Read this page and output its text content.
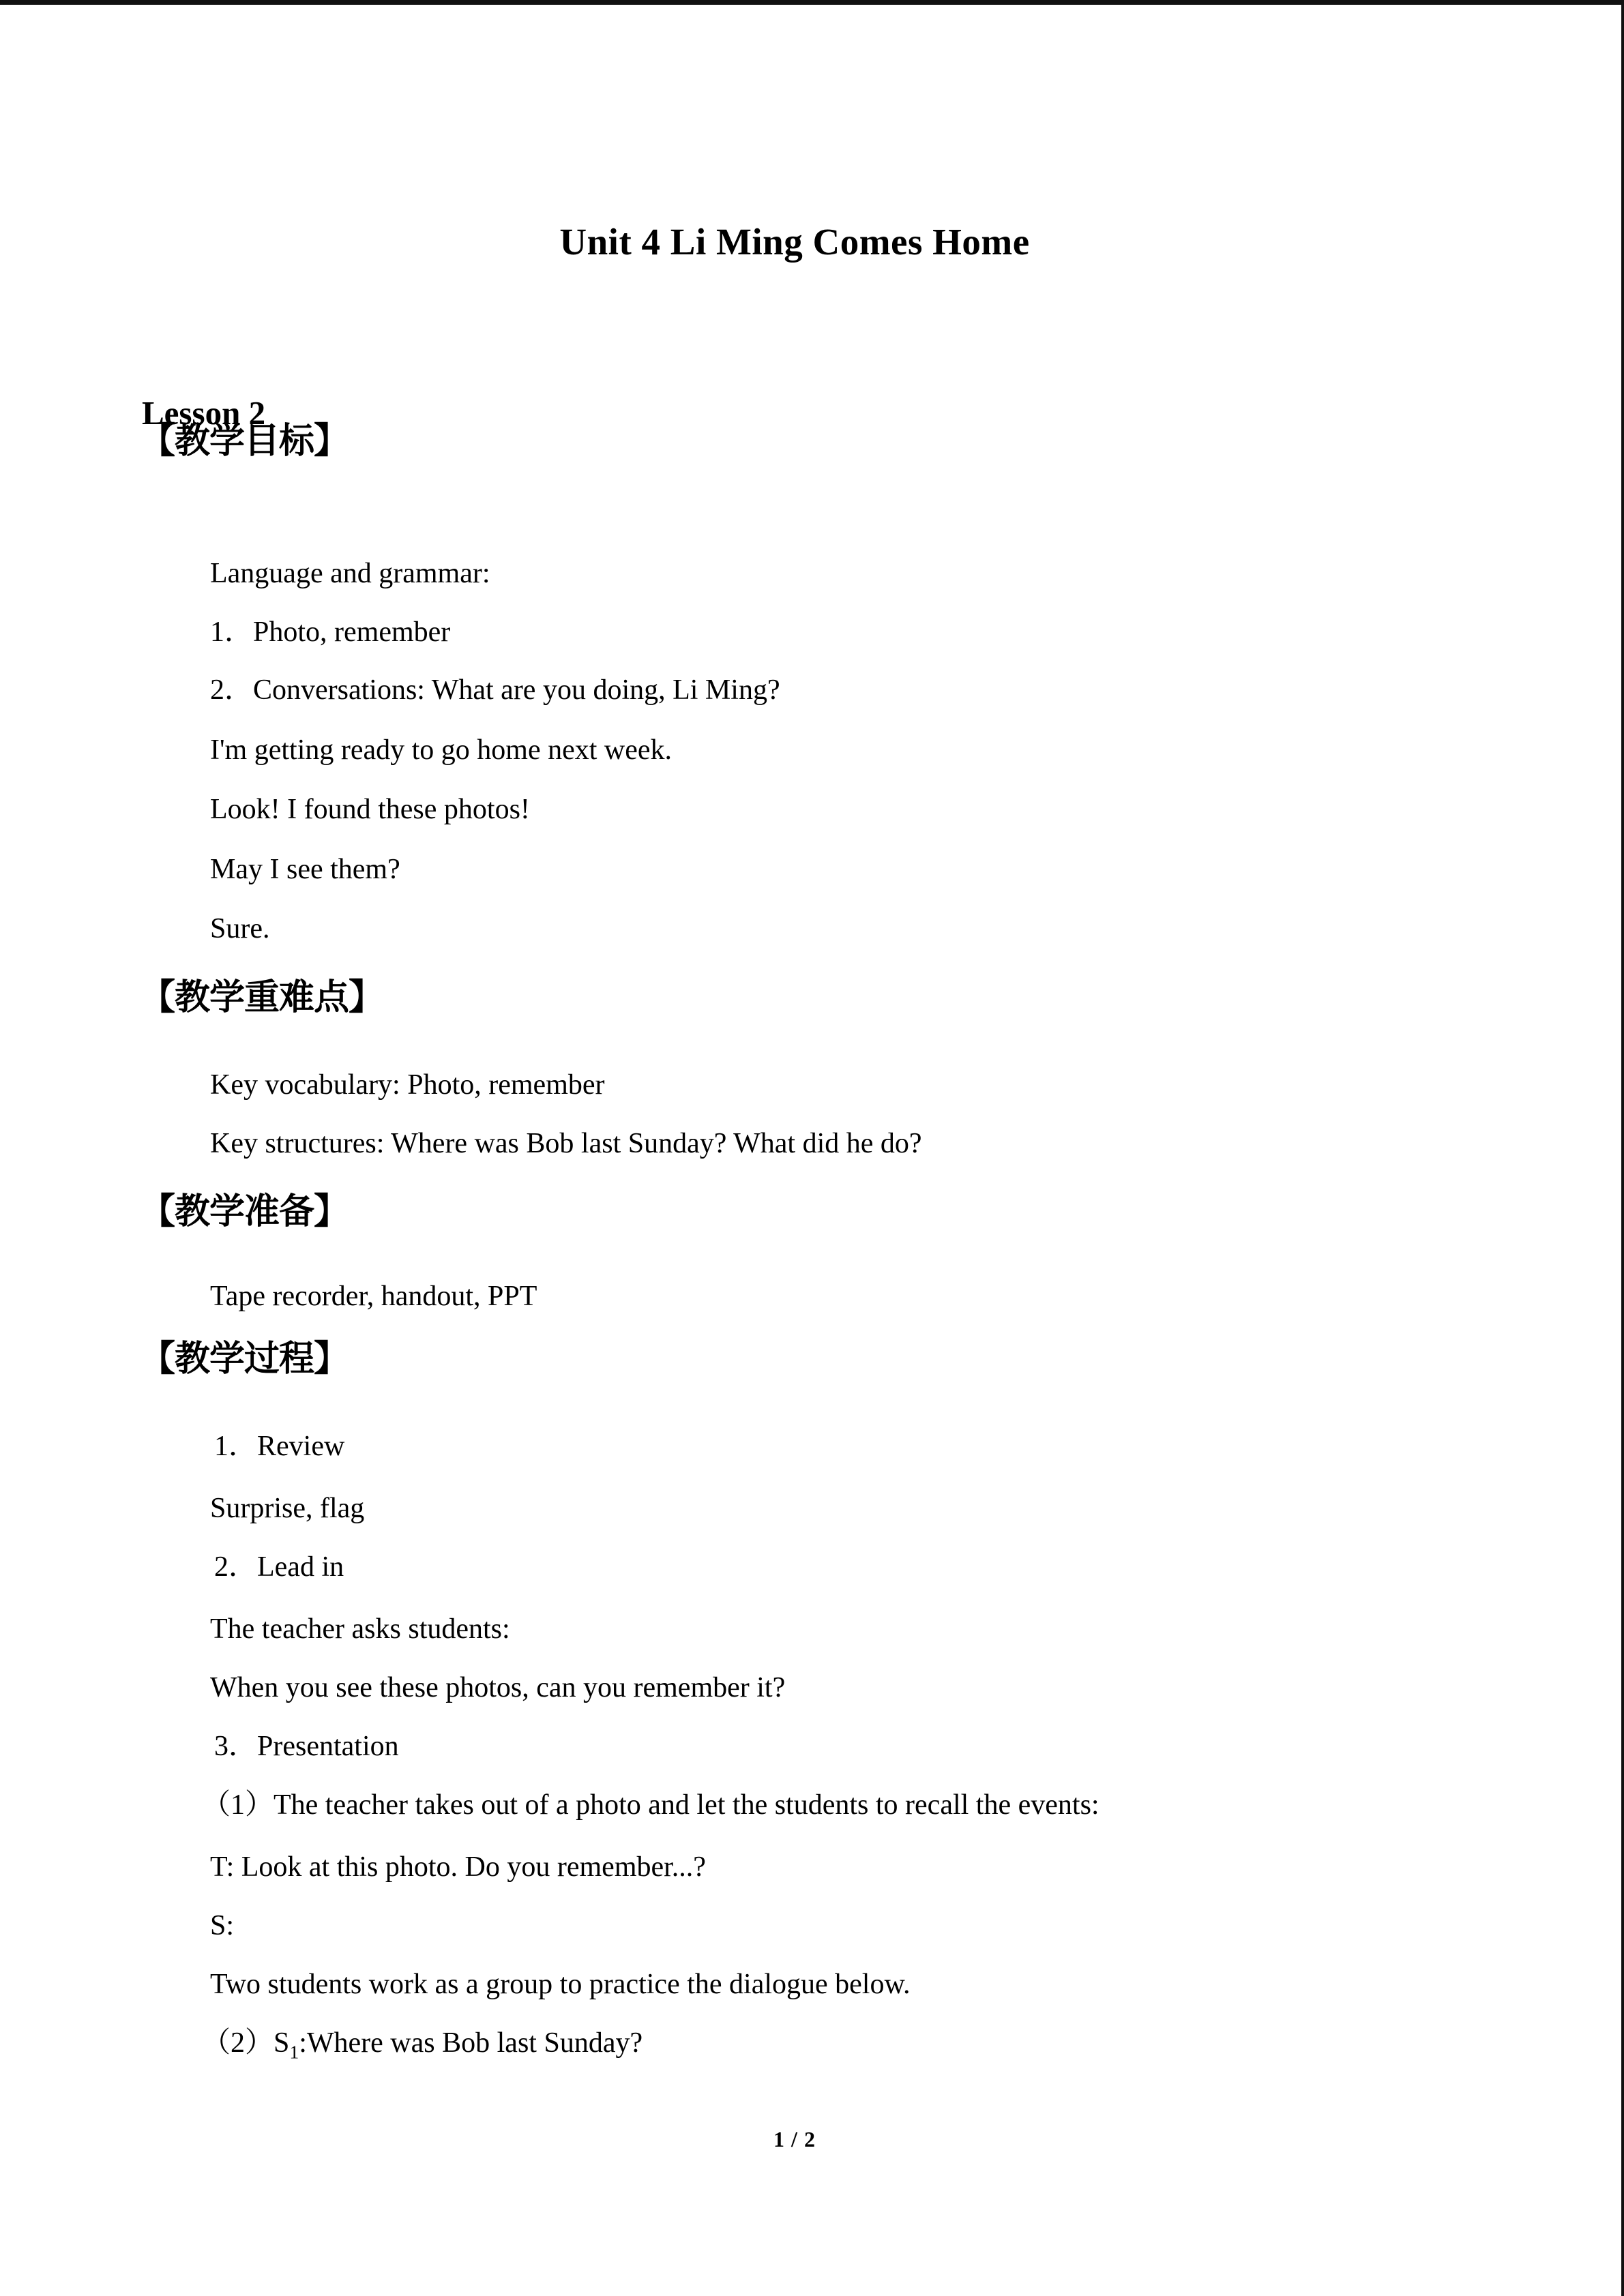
Unit 4 Li Ming Comes Home
Lesson 2
【教学目标】
Language and grammar:
1．Photo, remember
2．Conversations: What are you doing, Li Ming?
I'm getting ready to go home next week.
Look! I found these photos!
May I see them?
Sure.
【教学重难点】
Key vocabulary: Photo, remember
Key structures: Where was Bob last Sunday? What did he do?
【教学准备】
Tape recorder, handout, PPT
【教学过程】
1．Review
Surprise, flag
2．Lead in
The teacher asks students:
When you see these photos, can you remember it?
3．Presentation
（1）The teacher takes out of a photo and let the students to recall the events:
T: Look at this photo. Do you remember...?
S:
Two students work as a group to practice the dialogue below.
$(2)S_1:Where$ was Bob last Sunday?
1 / 2
